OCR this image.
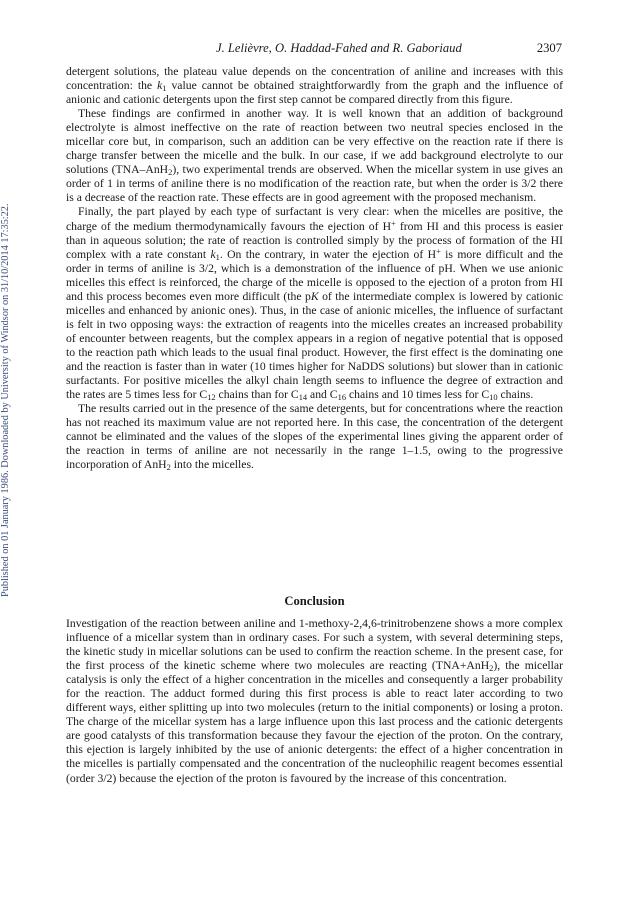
Published on 01 January 1986. Downloaded by University of Windsor on 31/10/2014 17:35:22.
J. Lelièvre, O. Haddad-Fahed and R. Gaboriaud	2307

detergent solutions, the plateau value depends on the concentration of aniline and increases with this concentration: the $k_1$ value cannot be obtained straightforwardly from the graph and the influence of anionic and cationic detergents upon the first step cannot be compared directly from this figure.

These findings are confirmed in another way. It is well known that an addition of background electrolyte is almost ineffective on the rate of reaction between two neutral species enclosed in the micellar core but, in comparison, such an addition can be very effective on the reaction rate if there is charge transfer between the micelle and the bulk. In our case, if we add background electrolyte to our solutions (TNA–AnH$_2$), two experimental trends are observed. When the micellar system in use gives an order of 1 in terms of aniline there is no modification of the reaction rate, but when the order is 3/2 there is a decrease of the reaction rate. These effects are in good agreement with the proposed mechanism.

Finally, the part played by each type of surfactant is very clear: when the micelles are positive, the charge of the medium thermodynamically favours the ejection of H+ from HI and this process is easier than in aqueous solution; the rate of reaction is controlled simply by the process of formation of the HI complex with a rate constant $k_1$. On the contrary, in water the ejection of H+ is more difficult and the order in terms of aniline is 3/2, which is a demonstration of the influence of pH. When we use anionic micelles this effect is reinforced, the charge of the micelle is opposed to the ejection of a proton from HI and this process becomes even more difficult (the pK of the intermediate complex is lowered by cationic micelles and enhanced by anionic ones). Thus, in the case of anionic micelles, the influence of surfactant is felt in two opposing ways: the extraction of reagents into the micelles creates an increased probability of encounter between reagents, but the complex appears in a region of negative potential that is opposed to the reaction path which leads to the usual final product. However, the first effect is the dominating one and the reaction is faster than in water (10 times higher for NaDDS solutions) but slower than in cationic surfactants. For positive micelles the alkyl chain length seems to influence the degree of extraction and the rates are 5 times less for $C_{12}$ chains than for $C_{14}$ and $C_{16}$ chains and 10 times less for $C_{10}$ chains.

The results carried out in the presence of the same detergents, but for concentrations where the reaction has not reached its maximum value are not reported here. In this case, the concentration of the detergent cannot be eliminated and the values of the slopes of the experimental lines giving the apparent order of the reaction in terms of aniline are not necessarily in the range 1–1.5, owing to the progressive incorporation of AnH$_2$ into the micelles.

Conclusion

Investigation of the reaction between aniline and 1-methoxy-2,4,6-trinitrobenzene shows a more complex influence of a micellar system than in ordinary cases. For such a system, with several determining steps, the kinetic study in micellar solutions can be used to confirm the reaction scheme. In the present case, for the first process of the kinetic scheme where two molecules are reacting (TNA+AnH$_2$), the micellar catalysis is only the effect of a higher concentration in the micelles and consequently a larger probability for the reaction. The adduct formed during this first process is able to react later according to two different ways, either splitting up into two molecules (return to the initial components) or losing a proton. The charge of the micellar system has a large influence upon this last process and the cationic detergents are good catalysts of this transformation because they favour the ejection of the proton. On the contrary, this ejection is largely inhibited by the use of anionic detergents: the effect of a higher concentration in the micelles is partially compensated and the concentration of the nucleophilic reagent becomes essential (order 3/2) because the ejection of the proton is favoured by the increase of this concentration.
